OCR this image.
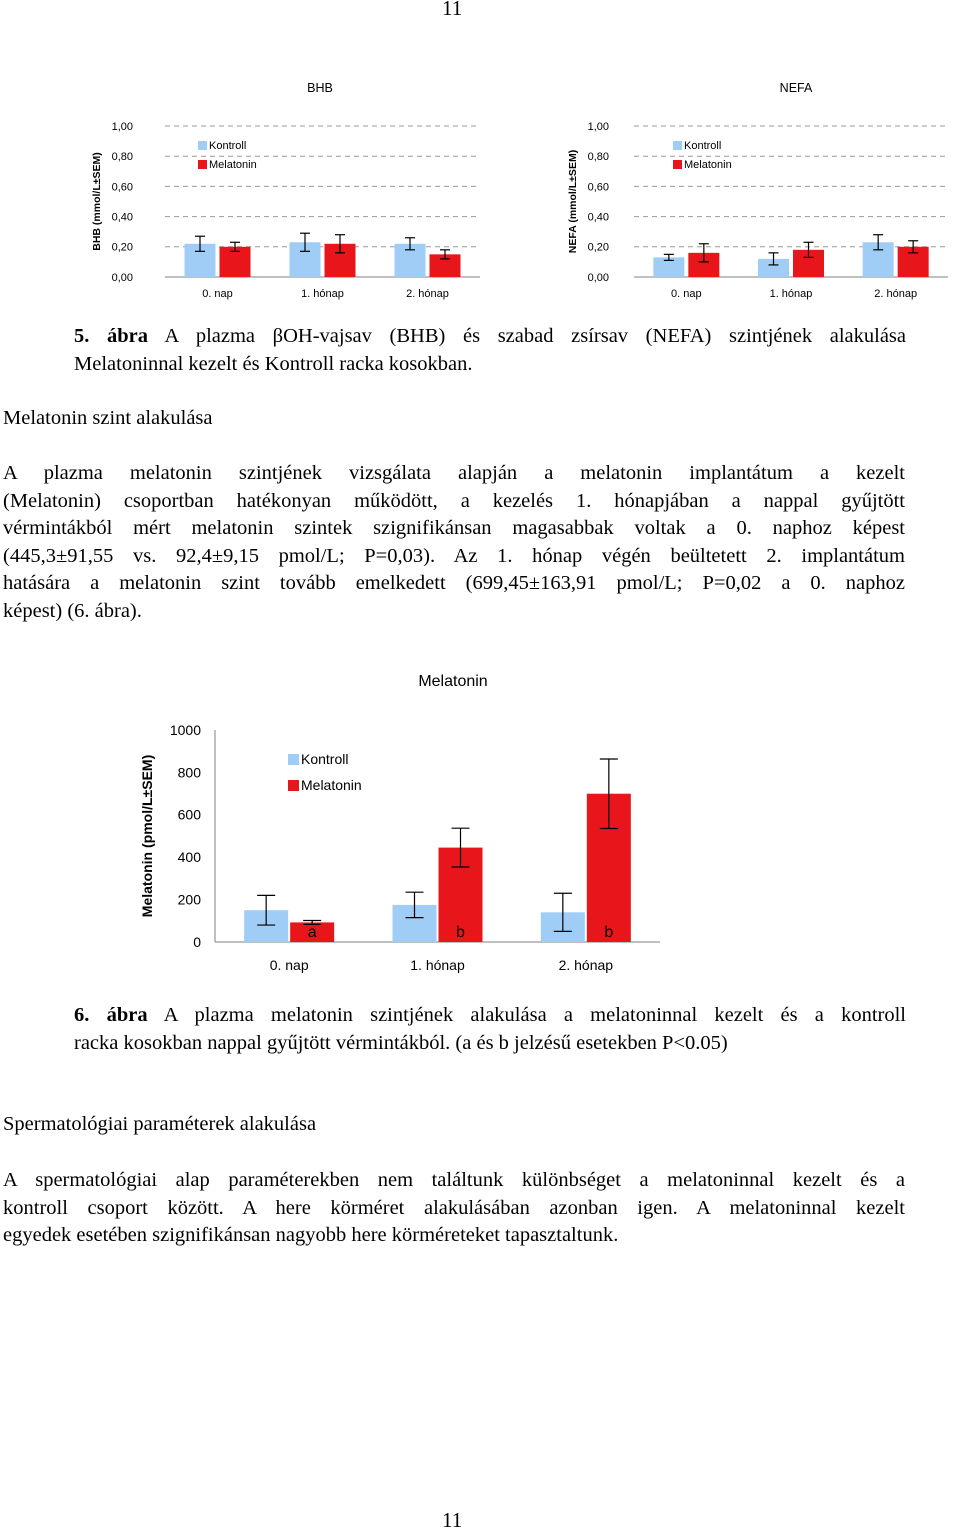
11
BHB
BHB (mmol/L±SEM)
0,00
0,20
0,40
0,60
0,80
1,00
0. nap	1. hónap	2. hónap
Kontroll
Melatonin
NEFA
NEFA (mmol/L±SEM)
0,00
0,20
0,40
0,60
0,80
1,00
0. nap	1. hónap	2. hónap
Kontroll
Melatonin
5. ábra A plazma βOH-vajsav (BHB) és szabad zsírsav (NEFA) szintjének alakulása
Melatoninnal kezelt és Kontroll racka kosokban.
Melatonin szint alakulása
A plazma melatonin szintjének vizsgálata alapján a melatonin implantátum a kezelt
(Melatonin) csoportban hatékonyan működött, a kezelés 1. hónapjában a nappal gyűjtött
vérmintákból mért melatonin szintek szignifikánsan magasabbak voltak a 0. naphoz képest
(445,3±91,55 vs. 92,4±9,15 pmol/L; P=0,03). Az 1. hónap végén beültetett 2. implantátum
hatására a melatonin szint tovább emelkedett (699,45±163,91 pmol/L; P=0,02 a 0. naphoz
képest) (6. ábra).
Melatonin
Melatonin (pmol/L±SEM)
0
200
400
600
800
1000
0. nap
a
1. hónap
b
2. hónap
b
Kontroll
Melatonin
6. ábra A plazma melatonin szintjének alakulása a melatoninnal kezelt és a kontroll
racka kosokban nappal gyűjtött vérmintákból. (a és b jelzésű esetekben P<0.05)
Spermatológiai paraméterek alakulása
A spermatológiai alap paraméterekben nem találtunk különbséget a melatoninnal kezelt és a
kontroll csoport között. A here körméret alakulásában azonban igen. A melatoninnal kezelt
egyedek esetében szignifikánsan nagyobb here körméreteket tapasztaltunk.
11
